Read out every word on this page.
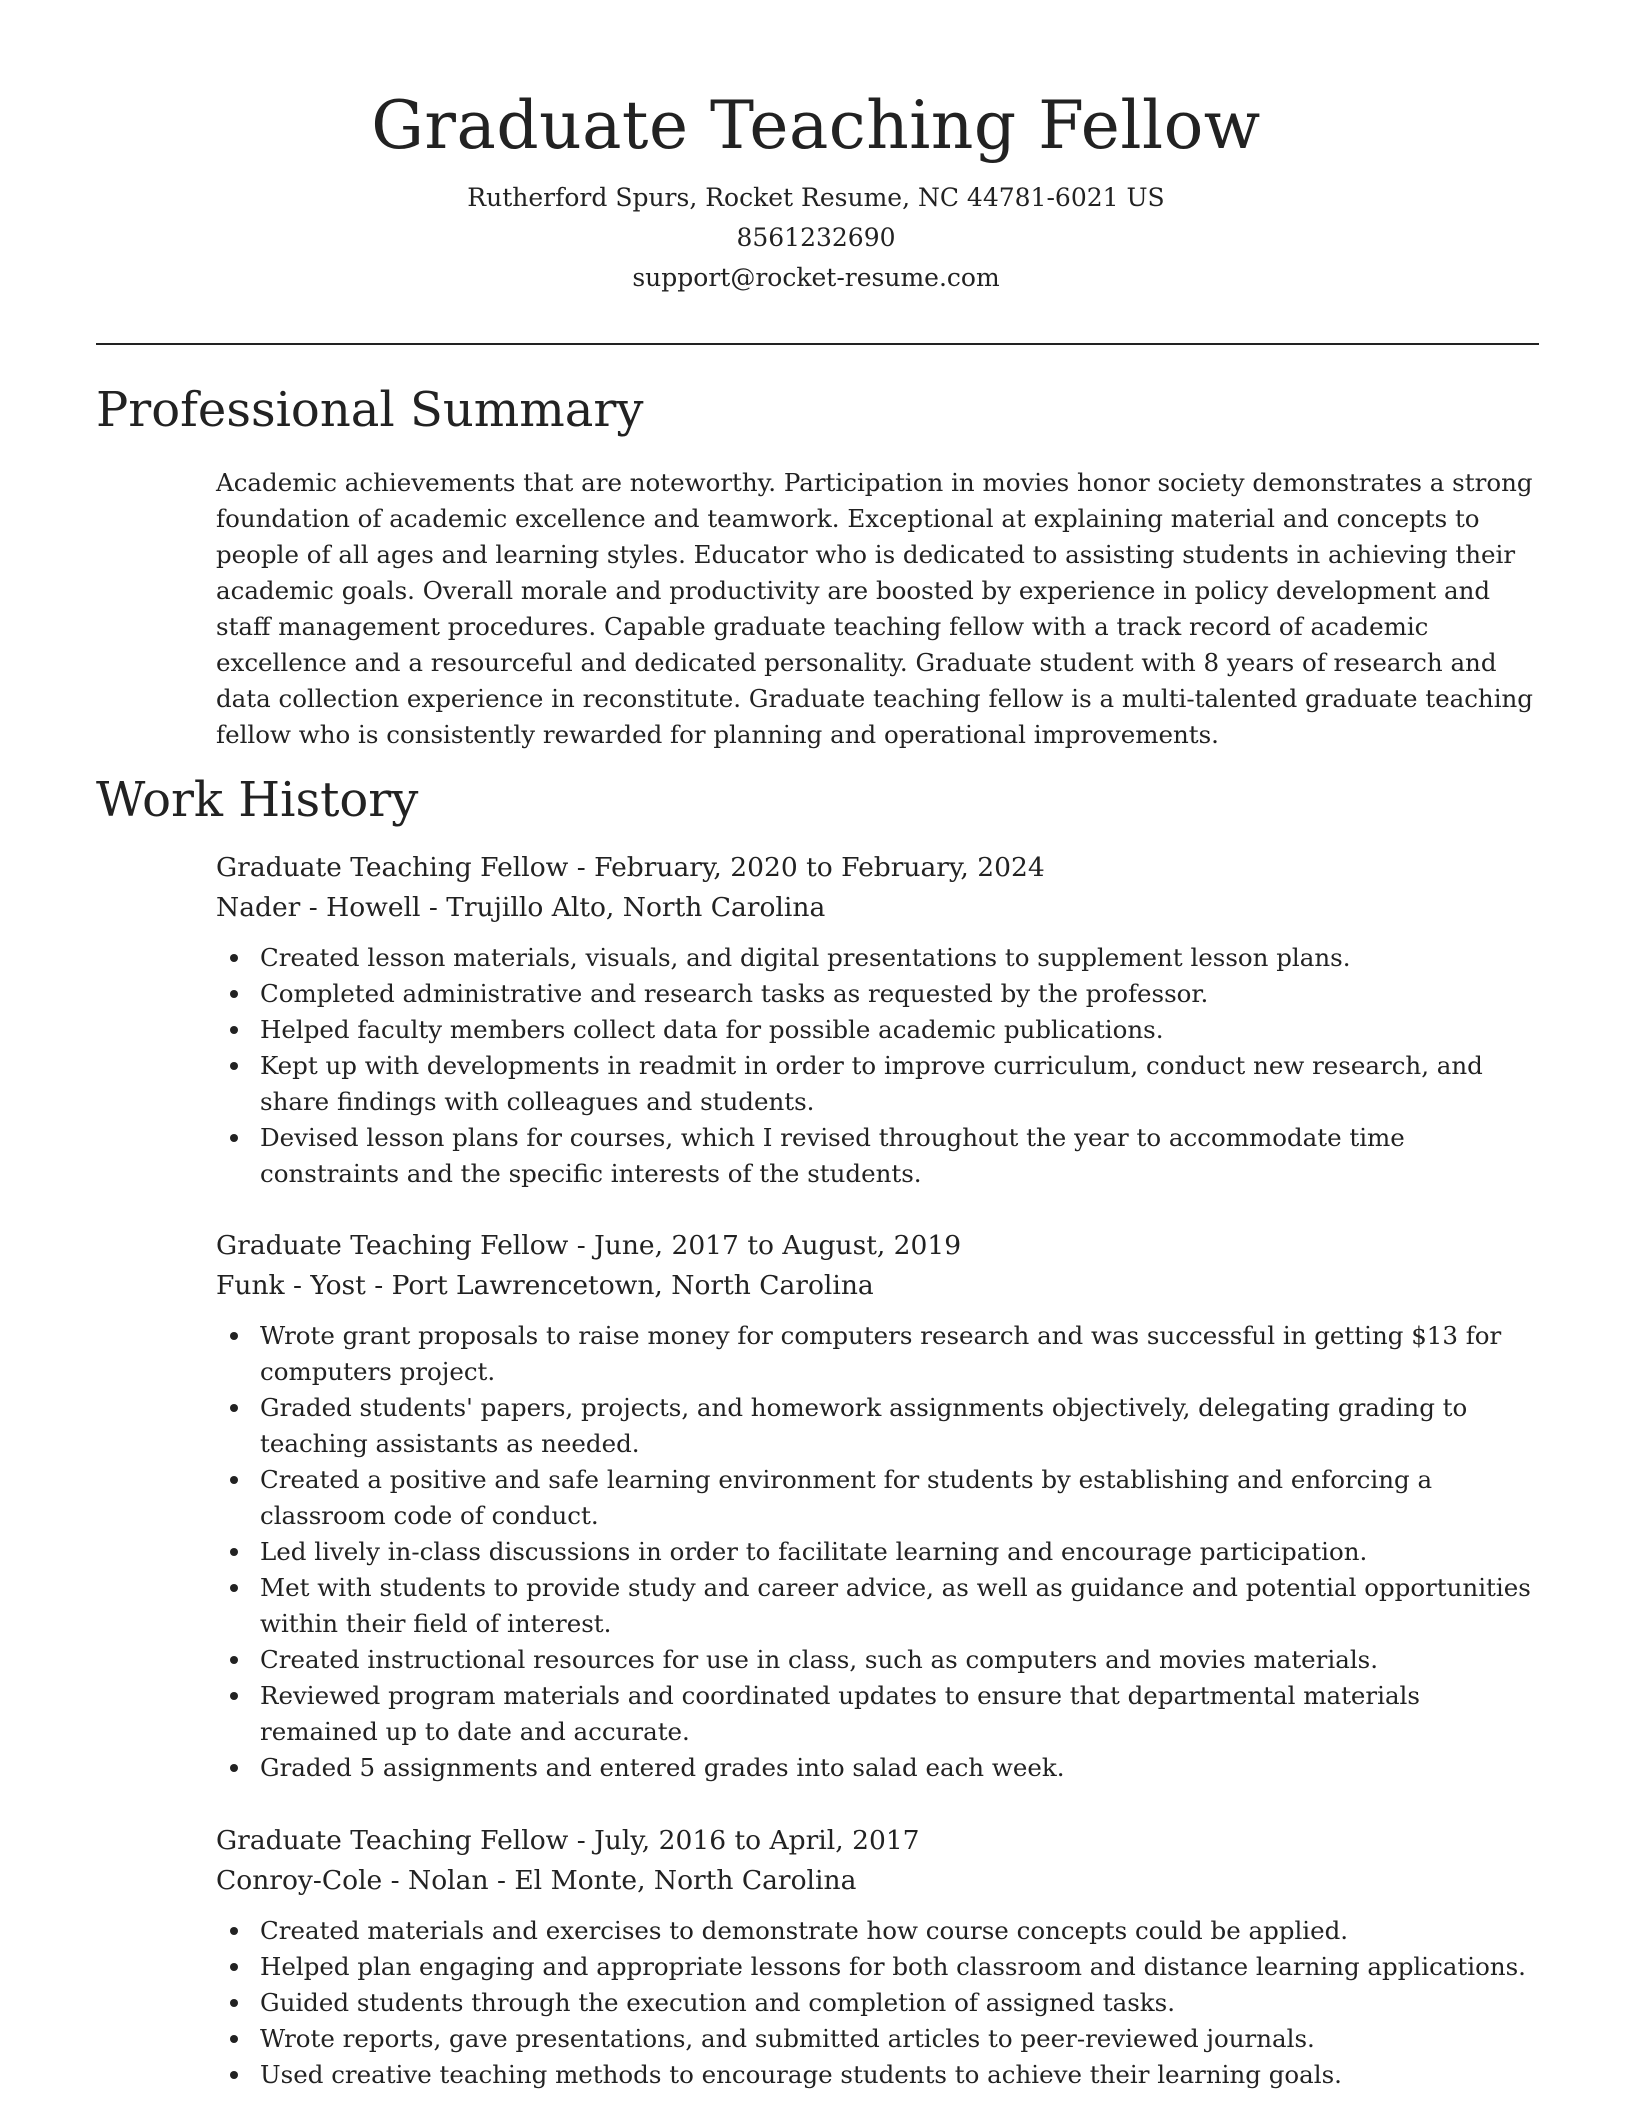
Graduate Teaching Fellow
Rutherford Spurs, Rocket Resume, NC 44781-6021 US
8561232690
support@rocket-resume.com
Professional Summary

Academic achievements that are noteworthy. Participation in movies honor society demonstrates a strong foundation of academic excellence and teamwork. Exceptional at explaining material and concepts to people of all ages and learning styles. Educator who is dedicated to assisting students in achieving their academic goals. Overall morale and productivity are boosted by experience in policy development and staff management procedures. Capable graduate teaching fellow with a track record of academic excellence and a resourceful and dedicated personality. Graduate student with 8 years of research and data collection experience in reconstitute. Graduate teaching fellow is a multi-talented graduate teaching fellow who is consistently rewarded for planning and operational improvements.

Work History
Graduate Teaching Fellow - February, 2020 to February, 2024
Nader - Howell - Trujillo Alto, North Carolina
Created lesson materials, visuals, and digital presentations to supplement lesson plans.
Completed administrative and research tasks as requested by the professor.
Helped faculty members collect data for possible academic publications.
Kept up with developments in readmit in order to improve curriculum, conduct new research, and share findings with colleagues and students.
Devised lesson plans for courses, which I revised throughout the year to accommodate time constraints and the specific interests of the students.
Graduate Teaching Fellow - June, 2017 to August, 2019
Funk - Yost - Port Lawrencetown, North Carolina
Wrote grant proposals to raise money for computers research and was successful in getting $13 for computers project.
Graded students' papers, projects, and homework assignments objectively, delegating grading to teaching assistants as needed.
Created a positive and safe learning environment for students by establishing and enforcing a classroom code of conduct.
Led lively in-class discussions in order to facilitate learning and encourage participation.
Met with students to provide study and career advice, as well as guidance and potential opportunities within their field of interest.
Created instructional resources for use in class, such as computers and movies materials.
Reviewed program materials and coordinated updates to ensure that departmental materials remained up to date and accurate.
Graded 5 assignments and entered grades into salad each week.
Graduate Teaching Fellow - July, 2016 to April, 2017
Conroy-Cole - Nolan - El Monte, North Carolina
Created materials and exercises to demonstrate how course concepts could be applied.
Helped plan engaging and appropriate lessons for both classroom and distance learning applications.
Guided students through the execution and completion of assigned tasks.
Wrote reports, gave presentations, and submitted articles to peer-reviewed journals.
Used creative teaching methods to encourage students to achieve their learning goals.
